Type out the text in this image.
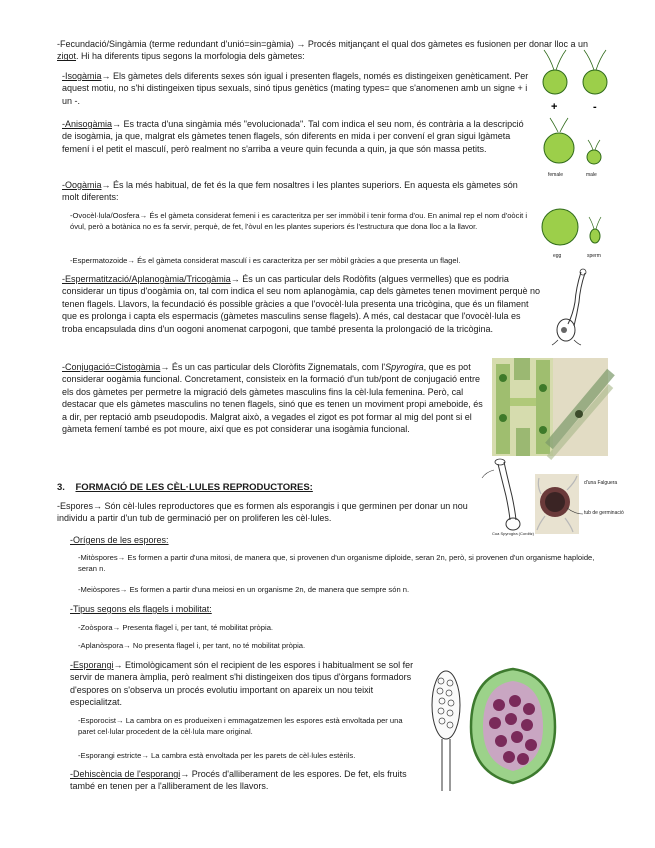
-Fecundació/Singàmia (terme redundant d'unió=sin=gàmia) → Procés mitjançant el qual dos gàmetes es fusionen per donar lloc a un zigot. Hi ha diferents tipus segons la morfologia dels gàmetes:

-Isogàmia→ Els gàmetes dels diferents sexes són igual i presenten flagels, només es distingeixen genèticament. Per aquest motiu, no s'hi distingeixen tipus sexuals, sinó tipus genètics (mating types= que s'anomenen amb un signe + i un -.

-Anisogàmia→ Es tracta d'una singàmia més "evolucionada". Tal com indica el seu nom, és contrària a la descripció de isogàmia, ja que, malgrat els gàmetes tenen flagels, són diferents en mida i per convení el gran sigui lgàmeta femení i el petit el masculí, però realment no s'arriba a veure quin fecunda a quin, ja que són massa petits.

-Oogàmia→ És la més habitual, de fet és la que fem nosaltres i les plantes superiors. En aquesta els gàmetes són molt diferents:

-Ovocèl·lula/Oosfera→ És el gàmeta considerat femeni i es caracteritza per ser immòbil i tenir forma d'ou. En animal rep el nom d'oòcit i óvul, però a botànica no es fa servir, perquè, de fet, l'òvul en les plantes superiors és l'estructura que dona lloc a la llavor.

-Espermatozoide→ És el gàmeta considerat masculí i es caracteritza per ser mòbil gràcies a que presenta un flagel.

-Espermatització/Aplanogàmia/Tricogàmia→ És un cas particular dels Rodòfits (algues vermelles) que es podria considerar un tipus d'oogàmia on, tal com indica el seu nom aplanogàmia, cap dels gàmetes tenen moviment perquè no tenen flagels. Llavors, la fecundació és possible gràcies a que l'ovocèl·lula presenta una tricògina, que és un filament que es prolonga i capta els espermacis (gàmetes masculins sense flagels). A més, cal destacar que l'ovocèl·lula es troba encapsulada dins d'un oogoni anomenat carpogoni, que també presenta la prolongació de la tricògina.

-Conjugació=Cistogàmia→ És un cas particular dels Cloròfits Zignematals, com l'Spyrogira, que es pot considerar oogàmia funcional. Concretament, consisteix en la formació d'un tub/pont de conjugació entre els dos gàmetes per permetre la migració dels gàmetes masculins fins la cèl·lula femenina. Però, cal destacar que els gàmetes masculins no tenen flagels, sinó que es tenen un moviment propi ameboide, és a dir, per reptació amb pseudopodis. Malgrat això, a vegades el zigot es pot formar al mig del pont si el gàmeta femení també es pot moure, així que es pot considerar una isogàmia funcional.

3. FORMACIÓ DE LES CÈL·LULES REPRODUCTORES:

-Espores→ Són cèl·lules reproductores que es formen als esporangis i que germinen per donar un nou individu a partir d'un tub de germinació per on proliferen les cèl·lules.

-Orígens de les espores:

-Mitòspores→ Es formen a partir d'una mitosi, de manera que, si provenen d'un organisme diploide, seran 2n, però, si provenen d'un organisme haploide, seran n.

-Meiòspores→ Es formen a partir d'una meiosi en un organisme 2n, de manera que sempre són n.

-Tipus segons els flagels i mobilitat:

-Zoòspora→ Presenta flagel i, per tant, té mobilitat pròpia.

-Aplanòspora→ No presenta flagel i, per tant, no té mobilitat pròpia.

-Esporangi→ Etimològicament són el recipient de les espores i habitualment se sol fer servir de manera àmplia, però realment s'hi distingeixen dos tipus d'òrgans formadors d'espores on s'observa un procés evolutiu important on apareix un nou teixit especialitzat.

-Esporocist→ La cambra on es produeixen i emmagatzemen les espores està envoltada per una paret cel·lular procedent de la cèl·lula mare original.

-Esporangi estricte→ La cambra està envoltada per les parets de cèl·lules estèrils.

-Dehiscència de l'esporangi→ Procés d'alliberament de les espores. De fet, els fruits també en tenen per a l'alliberament de les llavors.

+	-
female	male
egg	sperm
Cua Spyrogira (Corditz)
d'una Falguera
tub de germinació
